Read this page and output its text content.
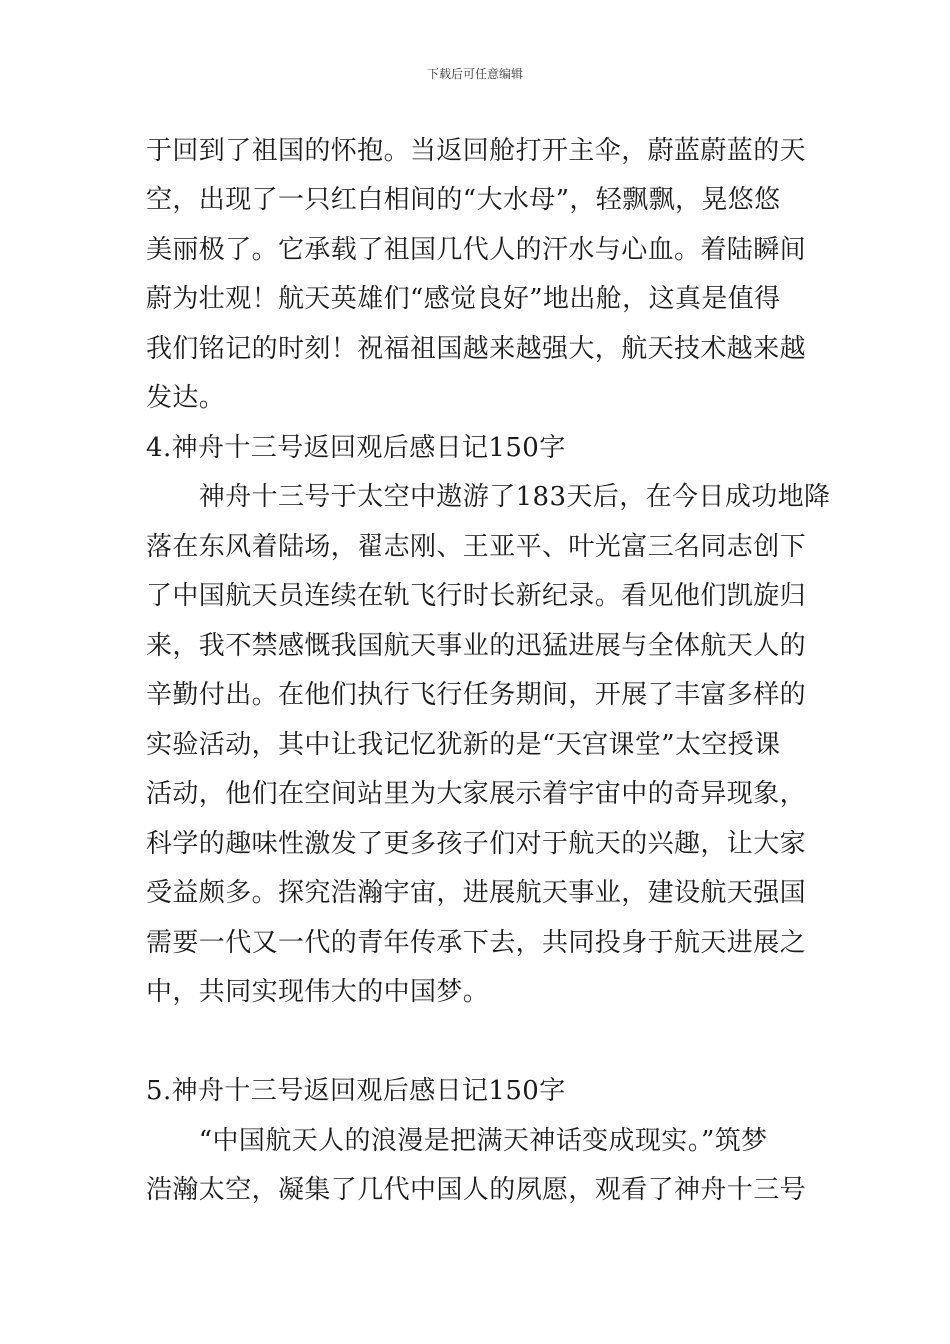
下载后可任意编辑
于回到了祖国的怀抱。当返回舱打开主伞，蔚蓝蔚蓝的天
空，出现了一只红白相间的“大水母”，轻飘飘，晃悠悠
美丽极了。它承载了祖国几代人的汗水与心血。着陆瞬间
蔚为壮观！航天英雄们“感觉良好”地出舱，这真是值得
我们铭记的时刻！祝福祖国越来越强大，航天技术越来越
发达。
4.神舟十三号返回观后感日记150字
　　神舟十三号于太空中遨游了183天后，在今日成功地降
落在东风着陆场，翟志刚、王亚平、叶光富三名同志创下
了中国航天员连续在轨飞行时长新纪录。看见他们凯旋归
来，我不禁感慨我国航天事业的迅猛进展与全体航天人的
辛勤付出。在他们执行飞行任务期间，开展了丰富多样的
实验活动，其中让我记忆犹新的是“天宫课堂”太空授课
活动，他们在空间站里为大家展示着宇宙中的奇异现象，
科学的趣味性激发了更多孩子们对于航天的兴趣，让大家
受益颇多。探究浩瀚宇宙，进展航天事业，建设航天强国
需要一代又一代的青年传承下去，共同投身于航天进展之
中，共同实现伟大的中国梦。
5.神舟十三号返回观后感日记150字
　　“中国航天人的浪漫是把满天神话变成现实。”筑梦
浩瀚太空，凝集了几代中国人的夙愿，观看了神舟十三号
